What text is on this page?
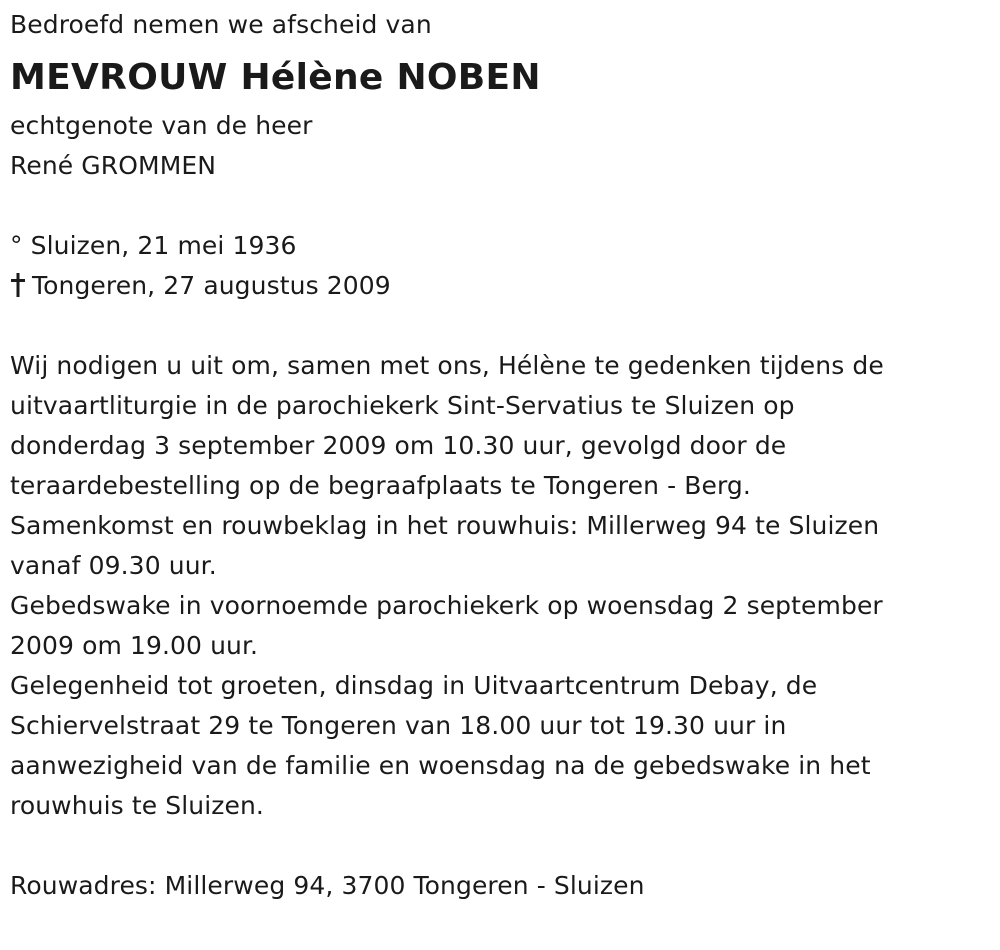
Bedroefd nemen we afscheid van
MEVROUW Hélène NOBEN
echtgenote van de heer
René GROMMEN
° Sluizen, 21 mei 1936
Tongeren, 27 augustus 2009
Wij nodigen u uit om, samen met ons, Hélène te gedenken tijdens de
uitvaartliturgie in de parochiekerk Sint-Servatius te Sluizen op
donderdag 3 september 2009 om 10.30 uur, gevolgd door de
teraardebestelling op de begraafplaats te Tongeren - Berg.
Samenkomst en rouwbeklag in het rouwhuis: Millerweg 94 te Sluizen
vanaf 09.30 uur.
Gebedswake in voornoemde parochiekerk op woensdag 2 september
2009 om 19.00 uur.
Gelegenheid tot groeten, dinsdag in Uitvaartcentrum Debay, de
Schiervelstraat 29 te Tongeren van 18.00 uur tot 19.30 uur in
aanwezigheid van de familie en woensdag na de gebedswake in het
rouwhuis te Sluizen.
Rouwadres: Millerweg 94, 3700 Tongeren - Sluizen
